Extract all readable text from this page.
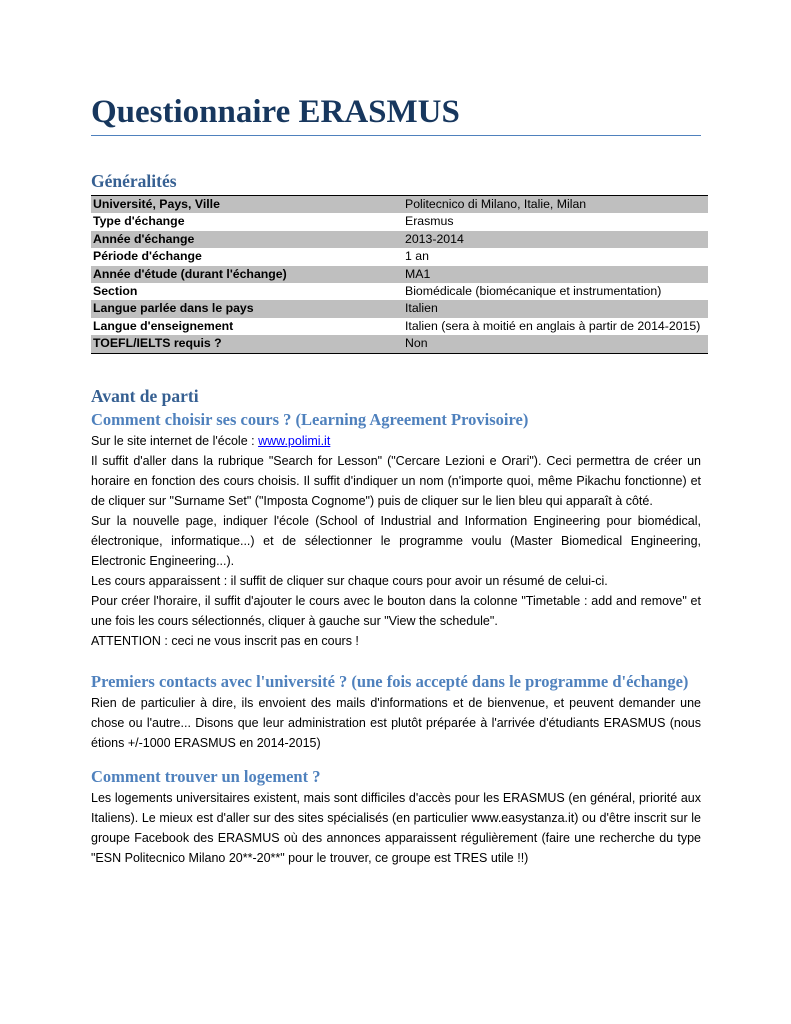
Questionnaire ERASMUS
Généralités
Université, Pays, Ville	Politecnico di Milano, Italie, Milan
Type d'échange	Erasmus
Année d'échange	2013-2014
Période d'échange	1 an
Année d'étude (durant l'échange)	MA1
Section	Biomédicale (biomécanique et instrumentation)
Langue parlée dans le pays	Italien
Langue d'enseignement	Italien (sera à moitié en anglais à partir de 2014-2015)
TOEFL/IELTS requis ?	Non
Avant de parti
Comment choisir ses cours ? (Learning Agreement Provisoire)

Sur le site internet de l'école : www.polimi.it

Il suffit d'aller dans la rubrique "Search for Lesson" ("Cercare Lezioni e Orari"). Ceci permettra de créer un horaire en fonction des cours choisis. Il suffit d'indiquer un nom (n'importe quoi, même Pikachu fonctionne) et de cliquer sur "Surname Set" ("Imposta Cognome") puis de cliquer sur le lien bleu qui apparaît à côté.

Sur la nouvelle page, indiquer l'école (School of Industrial and Information Engineering pour biomédical, électronique, informatique...) et de sélectionner le programme voulu (Master Biomedical Engineering, Electronic Engineering...).

Les cours apparaissent : il suffit de cliquer sur chaque cours pour avoir un résumé de celui-ci.

Pour créer l'horaire, il suffit d'ajouter le cours avec le bouton dans la colonne "Timetable : add and remove" et une fois les cours sélectionnés, cliquer à gauche sur "View the schedule".

ATTENTION : ceci ne vous inscrit pas en cours !

Premiers contacts avec l'université ? (une fois accepté dans le programme d'échange)

Rien de particulier à dire, ils envoient des mails d'informations et de bienvenue, et peuvent demander une chose ou l'autre... Disons que leur administration est plutôt préparée à l'arrivée d'étudiants ERASMUS (nous étions +/-1000 ERASMUS en 2014-2015)

Comment trouver un logement ?

Les logements universitaires existent, mais sont difficiles d'accès pour les ERASMUS (en général, priorité aux Italiens). Le mieux est d'aller sur des sites spécialisés (en particulier www.easystanza.it) ou d'être inscrit sur le groupe Facebook des ERASMUS où des annonces apparaissent régulièrement (faire une recherche du type "ESN Politecnico Milano 20**-20**" pour le trouver, ce groupe est TRES utile !!)
